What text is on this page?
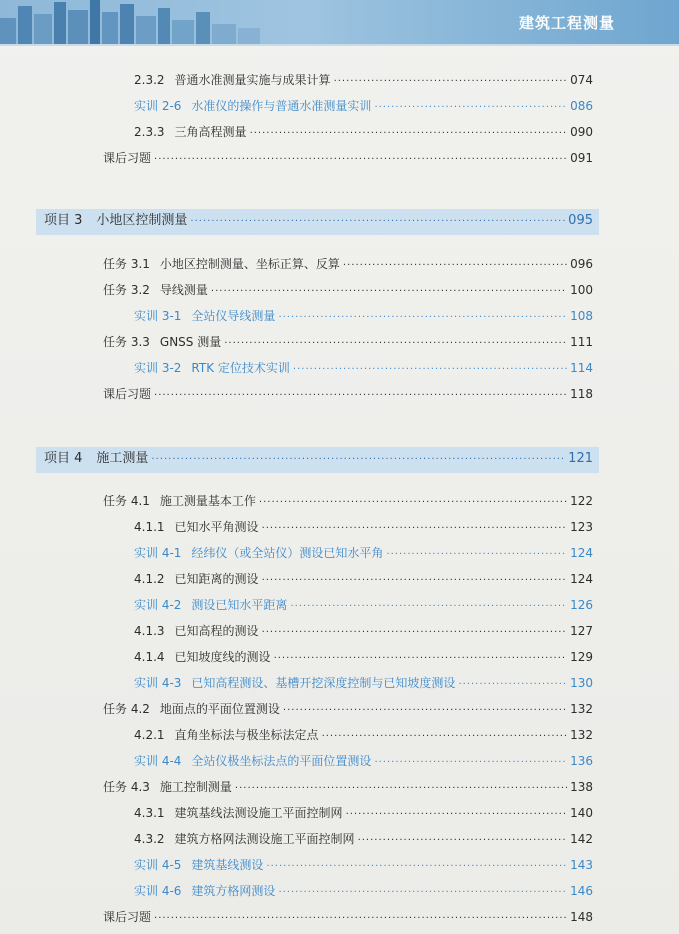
建筑工程测量
2.3.2 普通水准测量实施与成果计算 ·····	074
实训 2-6 水准仪的操作与普通水准测量实训 ·····	086
2.3.3 三角高程测量 ·····	090
课后习题 ·····	091
项目 3 小地区控制测量 ·····	095
任务 3.1 小地区控制测量、坐标正算、反算 ·····	096
任务 3.2 导线测量 ·····	100
实训 3-1 全站仪导线测量 ·····	108
任务 3.3 GNSS 测量 ·····	111
实训 3-2 RTK 定位技术实训 ·····	114
课后习题 ·····	118
项目 4 施工测量 ·····	121
任务 4.1 施工测量基本工作 ·····	122
4.1.1 已知水平角测设 ·····	123
实训 4-1 经纬仪（或全站仪）测设已知水平角 ·····	124
4.1.2 已知距离的测设 ·····	124
实训 4-2 测设已知水平距离 ·····	126
4.1.3 已知高程的测设 ·····	127
4.1.4 已知坡度线的测设 ·····	129
实训 4-3 已知高程测设、基槽开挖深度控制与已知坡度测设 ·····	130
任务 4.2 地面点的平面位置测设 ·····	132
4.2.1 直角坐标法与极坐标法定点 ·····	132
实训 4-4 全站仪极坐标法点的平面位置测设 ·····	136
任务 4.3 施工控制测量 ·····	138
4.3.1 建筑基线法测设施工平面控制网 ·····	140
4.3.2 建筑方格网法测设施工平面控制网 ·····	142
实训 4-5 建筑基线测设 ·····	143
实训 4-6 建筑方格网测设 ·····	146
课后习题 ·····	148
